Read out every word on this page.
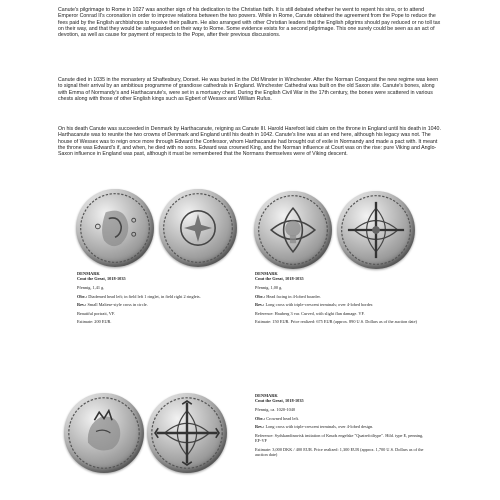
Canute's pilgrimage to Rome in 1027 was another sign of his dedication to the Christian faith. It is still debated whether he went to repent his sins, or to attend Emperor Conrad II's coronation in order to improve relations between the two powers. While in Rome, Canute obtained the agreement from the Pope to reduce the fees paid by the English archbishops to receive their pallium. He also arranged with other Christian leaders that the English pilgrims should pay reduced or no toll tax on their way, and that they would be safeguarded on their way to Rome. Some evidence exists for a second pilgrimage. This one surely could be seen as an act of devotion, as well as cause for payment of respects to the Pope, after their previous discussions.

Canute died in 1035 in the monastery at Shaftesbury, Dorset. He was buried in the Old Minster in Winchester. After the Norman Conquest the new regime was keen to signal their arrival by an ambitious programme of grandiose cathedrals in England. Winchester Cathedral was built on the old Saxon site. Canute's bones, along with Emma of Normandy's and Harthacanute's, were set in a mortuary chest. During the English Civil War in the 17th century, the bones were scattered in various chests along with those of other English kings such as Egbert of Wessex and William Rufus.

On his death Canute was succeeded in Denmark by Harthacanute, reigning as Canute III. Harold Harefoot laid claim on the throne in England until his death in 1040. Harthacanute was to reunite the two crowns of Denmark and England until his death in 1042. Canute's line was at an end here, although his legacy was not. The house of Wessex was to reign once more through Edward the Confessor, whom Harthacanute had brought out of exile in Normandy and made a pact with. It meant the throne was Edward's if, and when, he died with no sons. Edward was crowned King, and the Norman influence at Court was on the rise: pure Viking and Anglo-Saxon influence in England was past, although it must be remembered that the Normans themselves were of Viking descent.

DENMARK

Cnut the Great, 1018-1035

Pfennig, 1,41 g.

Obv.: Diademed head left; in field left 1 ringlet, in field right 2 ringlets.

Rev.: Small Maltese-style cross in circle.

Beautiful portrait, VF.

Estimate: 200 EUR.

DENMARK

Cnut the Great, 1018-1035

Pfennig, 1,00 g.

Obv.: Head facing in 4-lobed boarder.

Rev.: Long cross with triple-crescent terminals; over 4-lobed border.

Reference: Hauberg 3 var. Curved, with slight flan damage. VF.

Estimate: 150 EUR. Price realized: 675 EUR (approx. 890 U.S. Dollars as of the auction date)

DENMARK

Cnut the Great, 1018-1035

Pfennig, ca. 1020-1040

Obv.: Crowned head left.

Rev.: Long cross with triple-crescent terminals, over 4-lobed design.

Reference: Sydskandinavisk imitation of Knuds engelske "Quatrefoiltype". Hild. type E, penning, EF-VF

Estimate: 3,000 DKK / 400 EUR. Price realized: 1,300 EUR (approx. 1,700 U.S. Dollars as of the auction date)
